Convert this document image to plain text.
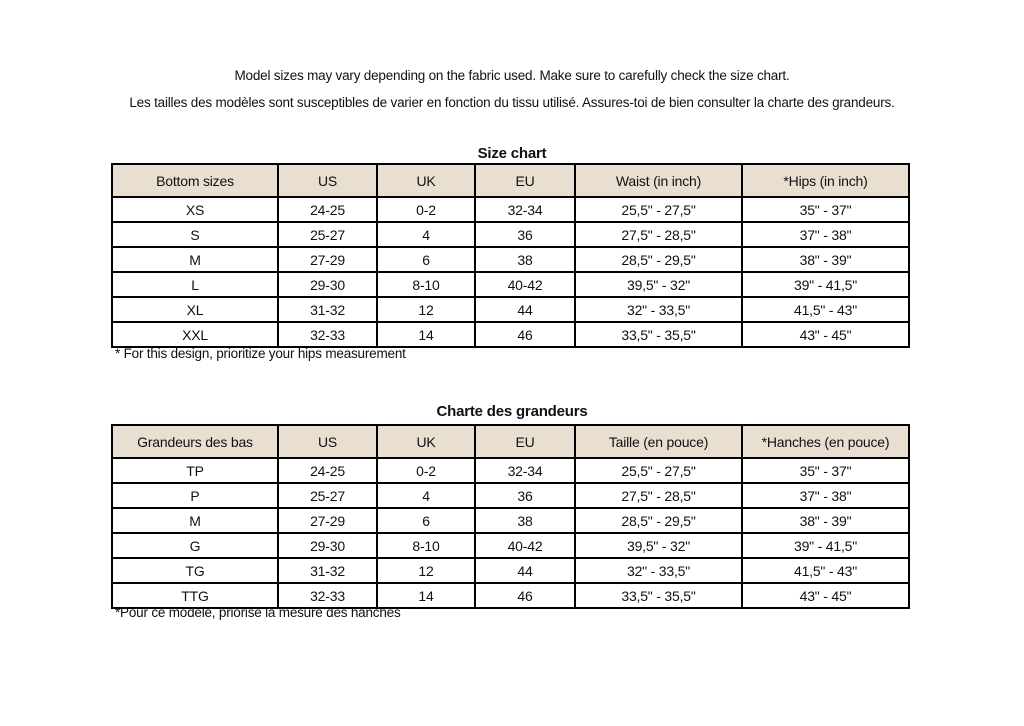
Model sizes may vary depending on the fabric used. Make sure to carefully check the size chart.
Les tailles des modèles sont susceptibles de varier en fonction du tissu utilisé. Assures-toi de bien consulter la charte des grandeurs.
Size chart
Bottom sizes	US	UK	EU	Waist (in inch)	*Hips (in inch)
XS	24-25	0-2	32-34	25,5" - 27,5"	35" - 37"
S	25-27	4	36	27,5" - 28,5"	37" - 38"
M	27-29	6	38	28,5" - 29,5"	38" - 39"
L	29-30	8-10	40-42	39,5" - 32"	39" - 41,5"
XL	31-32	12	44	32" - 33,5"	41,5" - 43"
XXL	32-33	14	46	33,5" - 35,5"	43" - 45"
* For this design, prioritize your hips measurement
Charte des grandeurs
Grandeurs des bas	US	UK	EU	Taille (en pouce)	*Hanches (en pouce)
TP	24-25	0-2	32-34	25,5" - 27,5"	35" - 37"
P	25-27	4	36	27,5" - 28,5"	37" - 38"
M	27-29	6	38	28,5" - 29,5"	38" - 39"
G	29-30	8-10	40-42	39,5" - 32"	39" - 41,5"
TG	31-32	12	44	32" - 33,5"	41,5" - 43"
TTG	32-33	14	46	33,5" - 35,5"	43" - 45"
*Pour ce modèle, priorisé la mesure des hanches
